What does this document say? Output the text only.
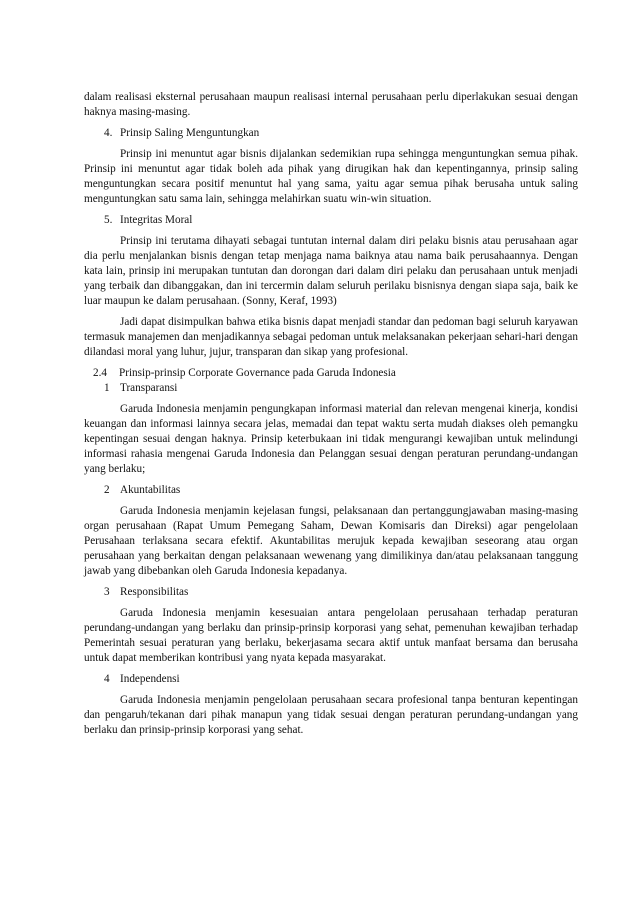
dalam realisasi eksternal perusahaan maupun realisasi internal perusahaan perlu diperlakukan sesuai dengan haknya masing-masing.

4. Prinsip Saling Menguntungkan

Prinsip ini menuntut agar bisnis dijalankan sedemikian rupa sehingga menguntungkan semua pihak. Prinsip ini menuntut agar tidak boleh ada pihak yang dirugikan hak dan kepentingannya, prinsip saling menguntungkan secara positif menuntut hal yang sama, yaitu agar semua pihak berusaha untuk saling menguntungkan satu sama lain, sehingga melahirkan suatu win-win situation.

5. Integritas Moral

Prinsip ini terutama dihayati sebagai tuntutan internal dalam diri pelaku bisnis atau perusahaan agar dia perlu menjalankan bisnis dengan tetap menjaga nama baiknya atau nama baik perusahaannya. Dengan kata lain, prinsip ini merupakan tuntutan dan dorongan dari dalam diri pelaku dan perusahaan untuk menjadi yang terbaik dan dibanggakan, dan ini tercermin dalam seluruh perilaku bisnisnya dengan siapa saja, baik ke luar maupun ke dalam perusahaan. (Sonny, Keraf, 1993)

Jadi dapat disimpulkan bahwa etika bisnis dapat menjadi standar dan pedoman bagi seluruh karyawan termasuk manajemen dan menjadikannya sebagai pedoman untuk melaksanakan pekerjaan sehari-hari dengan dilandasi moral yang luhur, jujur, transparan dan sikap yang profesional.

2.4 Prinsip-prinsip Corporate Governance pada Garuda Indonesia
1 Transparansi

Garuda Indonesia menjamin pengungkapan informasi material dan relevan mengenai kinerja, kondisi keuangan dan informasi lainnya secara jelas, memadai dan tepat waktu serta mudah diakses oleh pemangku kepentingan sesuai dengan haknya. Prinsip keterbukaan ini tidak mengurangi kewajiban untuk melindungi informasi rahasia mengenai Garuda Indonesia dan Pelanggan sesuai dengan peraturan perundang-undangan yang berlaku;

2 Akuntabilitas

Garuda Indonesia menjamin kejelasan fungsi, pelaksanaan dan pertanggungjawaban masing-masing organ perusahaan (Rapat Umum Pemegang Saham, Dewan Komisaris dan Direksi) agar pengelolaan Perusahaan terlaksana secara efektif. Akuntabilitas merujuk kepada kewajiban seseorang atau organ perusahaan yang berkaitan dengan pelaksanaan wewenang yang dimilikinya dan/atau pelaksanaan tanggung jawab yang dibebankan oleh Garuda Indonesia kepadanya.

3 Responsibilitas

Garuda Indonesia menjamin kesesuaian antara pengelolaan perusahaan terhadap peraturan perundang-undangan yang berlaku dan prinsip-prinsip korporasi yang sehat, pemenuhan kewajiban terhadap Pemerintah sesuai peraturan yang berlaku, bekerjasama secara aktif untuk manfaat bersama dan berusaha untuk dapat memberikan kontribusi yang nyata kepada masyarakat.

4 Independensi

Garuda Indonesia menjamin pengelolaan perusahaan secara profesional tanpa benturan kepentingan dan pengaruh/tekanan dari pihak manapun yang tidak sesuai dengan peraturan perundang-undangan yang berlaku dan prinsip-prinsip korporasi yang sehat.
